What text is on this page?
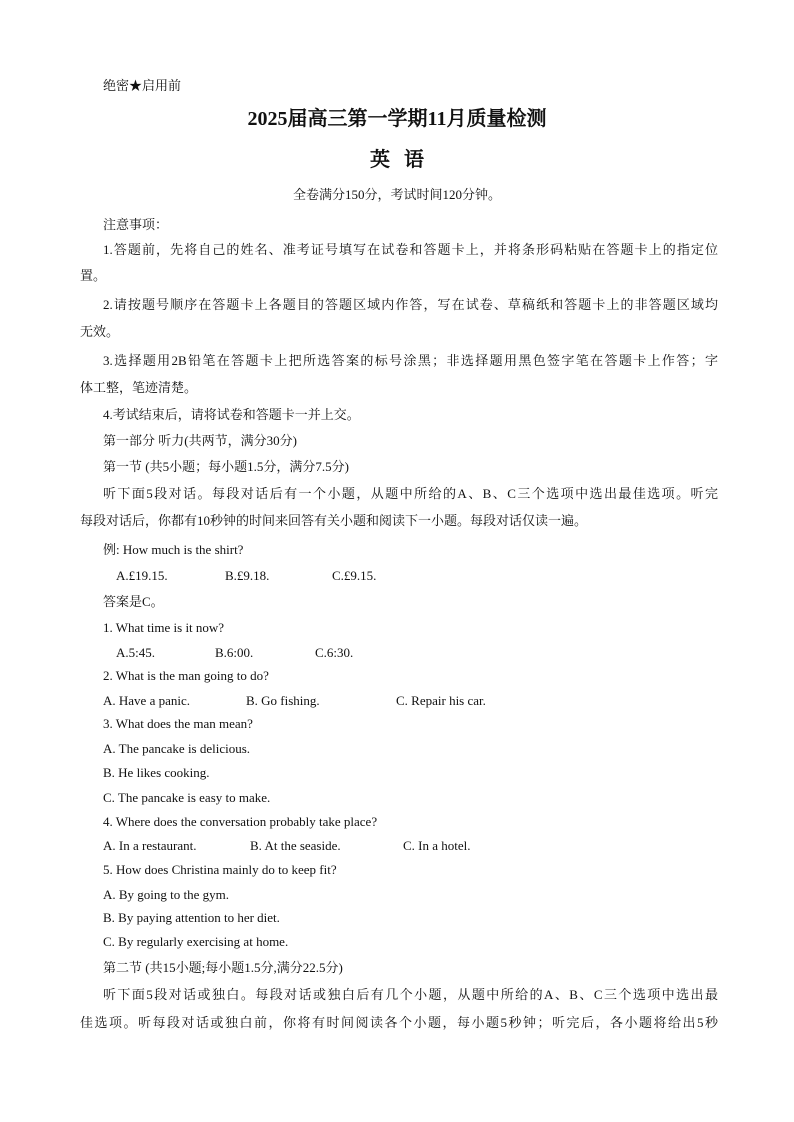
绝密★启用前
2025届高三第一学期11月质量检测
英语
全卷满分150分，考试时间120分钟。
注意事项：
1.答题前，先将自己的姓名、准考证号填写在试卷和答题卡上，并将条形码粘贴在答题卡上的指定位
置。
2.请按题号顺序在答题卡上各题目的答题区域内作答，写在试卷、草稿纸和答题卡上的非答题区域均
无效。
3.选择题用2B铅笔在答题卡上把所选答案的标号涂黑；非选择题用黑色签字笔在答题卡上作答；字
体工整，笔迹清楚。
4.考试结束后，请将试卷和答题卡一并上交。
第一部分 听力(共两节，满分30分)
第一节 (共5小题；每小题1.5分，满分7.5分)
听下面5段对话。每段对话后有一个小题，从题中所给的A、B、C三个选项中选出最佳选项。听完
每段对话后，你都有10秒钟的时间来回答有关小题和阅读下一小题。每段对话仅读一遍。
例: How much is the shirt?
A.£19.15.	B.£9.18.	C.£9.15.
答案是C。
1. What time is it now?
A.5:45.	B.6:00.	C.6:30.
2. What is the man going to do?
A. Have a panic.	B. Go fishing.	C. Repair his car.
3. What does the man mean?
A. The pancake is delicious.
B. He likes cooking.
C. The pancake is easy to make.
4. Where does the conversation probably take place?
A. In a restaurant.	B. At the seaside.	C. In a hotel.
5. How does Christina mainly do to keep fit?
A. By going to the gym.
B. By paying attention to her diet.
C. By regularly exercising at home.
第二节 (共15小题;每小题1.5分,满分22.5分)
听下面5段对话或独白。每段对话或独白后有几个小题，从题中所给的A、B、C三个选项中选出最
佳选项。听每段对话或独白前，你将有时间阅读各个小题，每小题5秒钟；听完后，各小题将给出5秒
